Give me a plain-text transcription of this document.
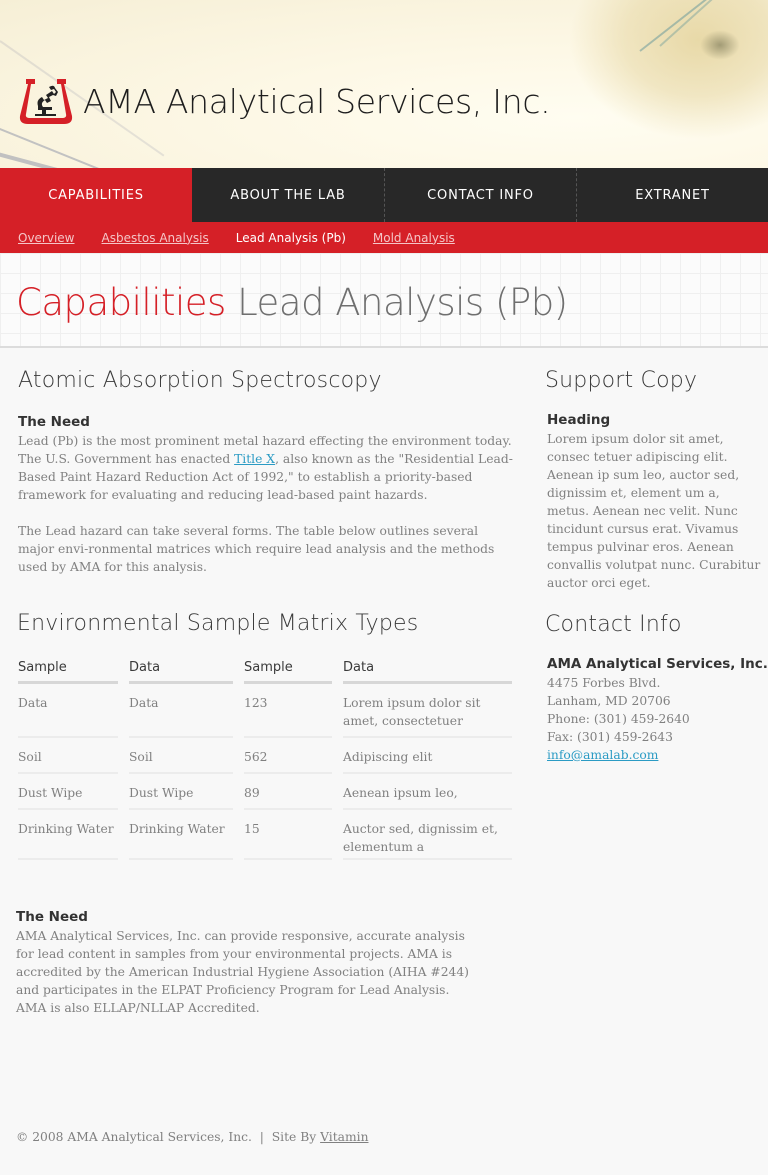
AMA Analytical Services, Inc.
CAPABILITIES	ABOUT THE LAB	CONTACT INFO	EXTRANET
Overview Asbestos Analysis Lead Analysis (Pb) Mold Analysis
Capabilities Lead Analysis (Pb)
Atomic Absorption Spectroscopy
The Need

Lead (Pb) is the most prominent metal hazard effecting the environment today. The U.S. Government has enacted Title X, also known as the "Residential Lead-Based Paint Hazard Reduction Act of 1992," to establish a priority-based framework for evaluating and reducing lead-based paint hazards.

The Lead hazard can take several forms. The table below outlines several major envi-ronmental matrices which require lead analysis and the methods used by AMA for this analysis.

Environmental Sample Matrix Types
Sample	Data	Sample	Data
Data	Data	123	Lorem ipsum dolor sit amet, consectetuer
Soil	Soil	562	Adipiscing elit
Dust Wipe	Dust Wipe	89	Aenean ipsum leo,
Drinking Water	Drinking Water	15	Auctor sed, dignissim et, elementum a
The Need

AMA Analytical Services, Inc. can provide responsive, accurate analysis for lead content in samples from your environmental projects. AMA is accredited by the American Industrial Hygiene Association (AIHA #244) and participates in the ELPAT Proficiency Program for Lead Analysis. AMA is also ELLAP/NLLAP Accredited.

Support Copy
Heading

Lorem ipsum dolor sit amet, consec tetuer adipiscing elit. Aenean ip sum leo, auctor sed, dignissim et, element um a, metus. Aenean nec velit. Nunc tincidunt cursus erat. Vivamus tempus pulvinar eros. Aenean convallis volutpat nunc. Curabitur auctor orci eget.

Contact Info
AMA Analytical Services, Inc.
4475 Forbes Blvd.
Lanham, MD 20706
Phone: (301) 459-2640
Fax: (301) 459-2643
info@amalab.com
© 2008 AMA Analytical Services, Inc.  |  Site By Vitamin
